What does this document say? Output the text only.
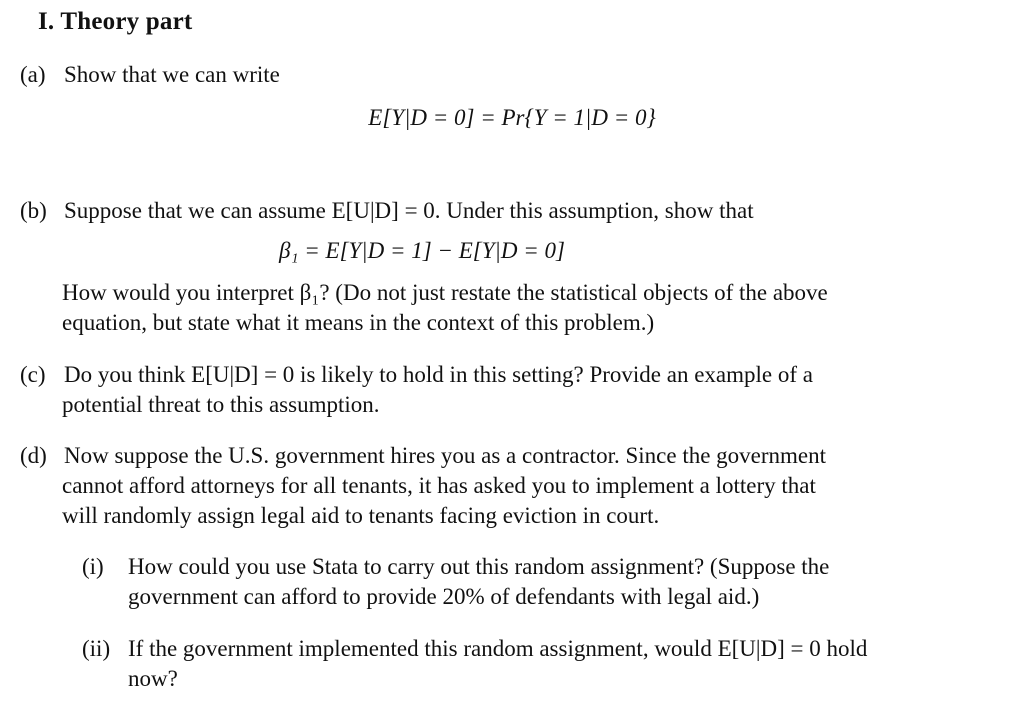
I. Theory part
(a) Show that we can write
E[Y|D = 0] = Pr{Y = 1|D = 0}
(b) Suppose that we can assume E[U|D] = 0. Under this assumption, show that
β₁ = E[Y|D = 1] − E[Y|D = 0]
How would you interpret β₁? (Do not just restate the statistical objects of the above
equation, but state what it means in the context of this problem.)
(c) Do you think E[U|D] = 0 is likely to hold in this setting? Provide an example of a
potential threat to this assumption.
(d) Now suppose the U.S. government hires you as a contractor. Since the government
cannot afford attorneys for all tenants, it has asked you to implement a lottery that
will randomly assign legal aid to tenants facing eviction in court.
(i) How could you use Stata to carry out this random assignment? (Suppose the
government can afford to provide 20% of defendants with legal aid.)
(ii) If the government implemented this random assignment, would E[U|D] = 0 hold
now?
